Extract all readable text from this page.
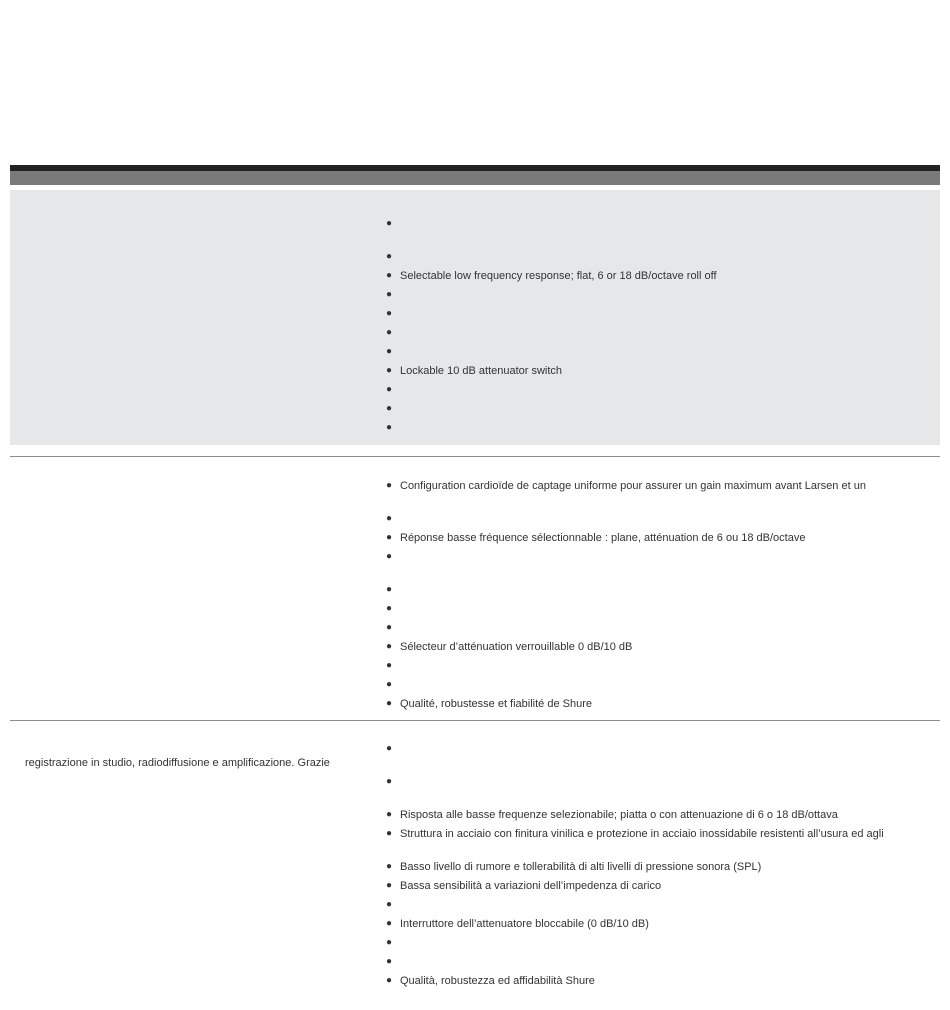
●
●
● Selectable low frequency response; flat, 6 or 18 dB/octave roll off
●
●
●
●
● Lockable 10 dB attenuator switch
●
●
●
● Configuration cardioïde de captage uniforme pour assurer un gain maximum avant Larsen et un
●
● Réponse basse fréquence sélectionnable : plane, atténuation de 6 ou 18 dB/octave
●
●
●
●
● Sélecteur d’atténuation verrouillable 0 dB/10 dB
●
●
● Qualité, robustesse et fiabilité de Shure
registrazione in studio, radiodiffusione e amplificazione. Grazie
●
●
● Risposta alle basse frequenze selezionabile; piatta o con attenuazione di 6 o 18 dB/ottava
● Struttura in acciaio con finitura vinilica e protezione in acciaio inossidabile resistenti all’usura ed agli
● Basso livello di rumore e tollerabilità di alti livelli di pressione sonora (SPL)
● Bassa sensibilità a variazioni dell’impedenza di carico
●
● Interruttore dell’attenuatore bloccabile (0 dB/10 dB)
●
●
● Qualità, robustezza ed affidabilità Shure
